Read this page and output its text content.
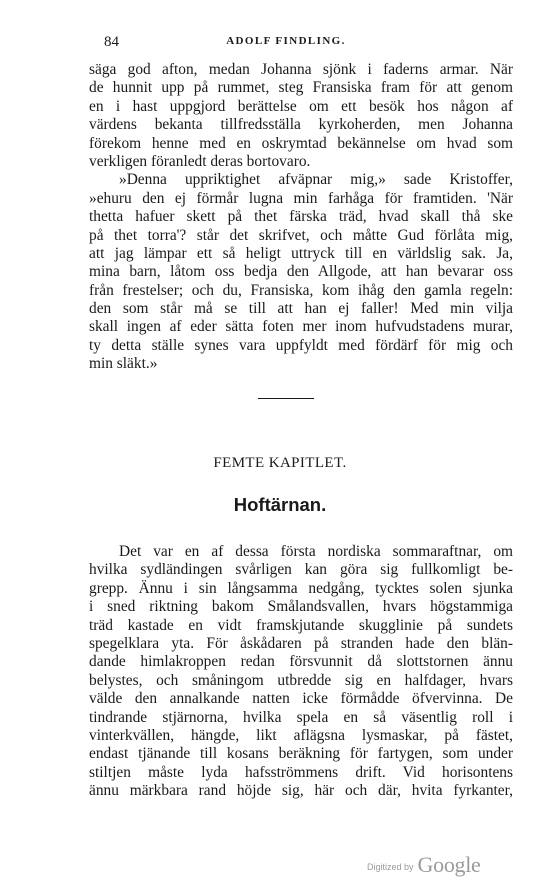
84	ADOLF FINDLING.
säga god afton, medan Johanna sjönk i faderns armar. När
de hunnit upp på rummet, steg Fransiska fram för att genom
en i hast uppgjord berättelse om ett besök hos någon af
värdens bekanta tillfredsställa kyrkoherden, men Johanna
förekom henne med en oskrymtad bekännelse om hvad som
verkligen föranledt deras bortovaro.
»Denna uppriktighet afväpnar mig,» sade Kristoffer,
»ehuru den ej förmår lugna min farhåga för framtiden. 'När
thetta hafuer skett på thet färska träd, hvad skall thå ske
på thet torra'? står det skrifvet, och måtte Gud förlåta mig,
att jag lämpar ett så heligt uttryck till en världslig sak. Ja,
mina barn, låtom oss bedja den Allgode, att han bevarar oss
från frestelser; och du, Fransiska, kom ihåg den gamla regeln:
den som står må se till att han ej faller! Med min vilja
skall ingen af eder sätta foten mer inom hufvudstadens murar,
ty detta ställe synes vara uppfyldt med fördärf för mig och
min släkt.»
FEMTE KAPITLET.
Hoftärnan.
Det var en af dessa första nordiska sommaraftnar, om
hvilka sydländingen svårligen kan göra sig fullkomligt be-
grepp. Ännu i sin långsamma nedgång, tycktes solen sjunka
i sned riktning bakom Smålandsvallen, hvars högstammiga
träd kastade en vidt framskjutande skugglinie på sundets
spegelklara yta. För åskådaren på stranden hade den blän-
dande himlakroppen redan försvunnit då slottstornen ännu
belystes, och småningom utbredde sig en halfdager, hvars
välde den annalkande natten icke förmådde öfvervinna. De
tindrande stjärnorna, hvilka spela en så väsentlig roll i
vinterkvällen, hängde, likt aflägsna lysmaskar, på fästet,
endast tjänande till kosans beräkning för fartygen, som under
stiltjen måste lyda hafsströmmens drift. Vid horisontens
ännu märkbara rand höjde sig, här och där, hvita fyrkanter,
Digitized by Google
